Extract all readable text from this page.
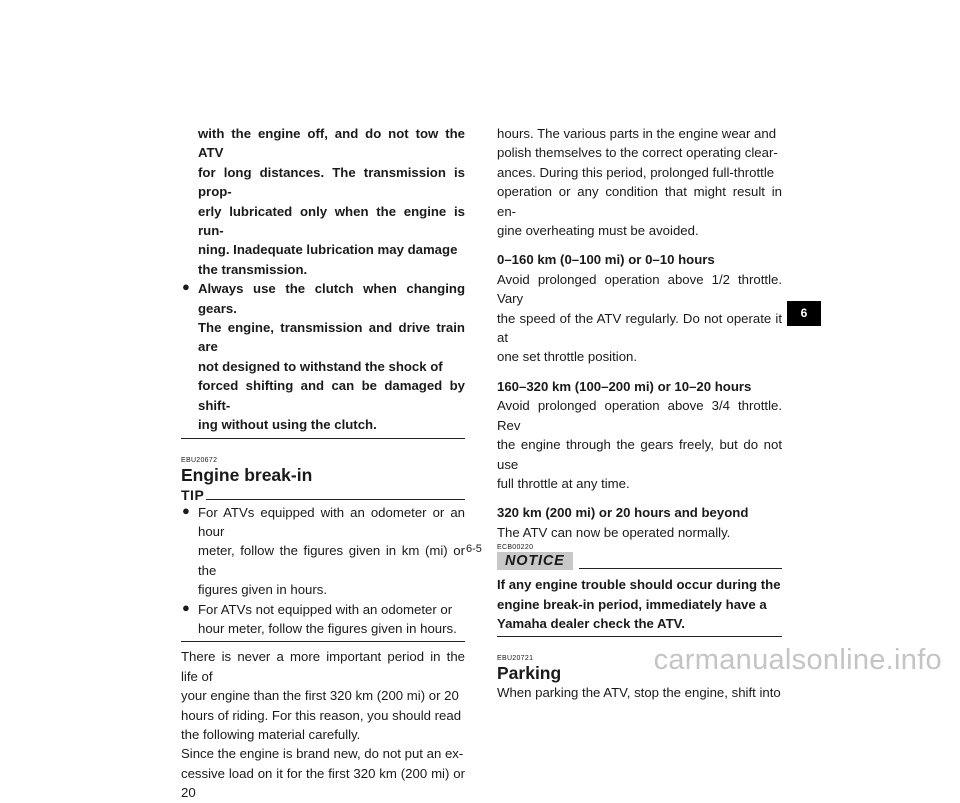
with the engine off, and do not tow the ATV

for long distances. The transmission is prop-

erly lubricated only when the engine is run-

ning. Inadequate lubrication may damage

the transmission.

● Always use the clutch when changing gears.

The engine, transmission and drive train are

not designed to withstand the shock of

forced shifting and can be damaged by shift-

ing without using the clutch.

EBU20672

Engine break-in
TIP
● For ATVs equipped with an odometer or an hour

meter, follow the figures given in km (mi) or the

figures given in hours.

● For ATVs not equipped with an odometer or

hour meter, follow the figures given in hours.

There is never a more important period in the life of

your engine than the first 320 km (200 mi) or 20

hours of riding. For this reason, you should read

the following material carefully.

Since the engine is brand new, do not put an ex-

cessive load on it for the first 320 km (200 mi) or 20

hours. The various parts in the engine wear and

polish themselves to the correct operating clear-

ances. During this period, prolonged full-throttle

operation or any condition that might result in en-

gine overheating must be avoided.

0–160 km (0–100 mi) or 0–10 hours

Avoid prolonged operation above 1/2 throttle. Vary

the speed of the ATV regularly. Do not operate it at

one set throttle position.

160–320 km (100–200 mi) or 10–20 hours

Avoid prolonged operation above 3/4 throttle. Rev

the engine through the gears freely, but do not use

full throttle at any time.

320 km (200 mi) or 20 hours and beyond

The ATV can now be operated normally.

ECB00220

NOTICE

If any engine trouble should occur during the

engine break-in period, immediately have a

Yamaha dealer check the ATV.

EBU20721

Parking

When parking the ATV, stop the engine, shift into

6
6-5
carmanualsonline.info
